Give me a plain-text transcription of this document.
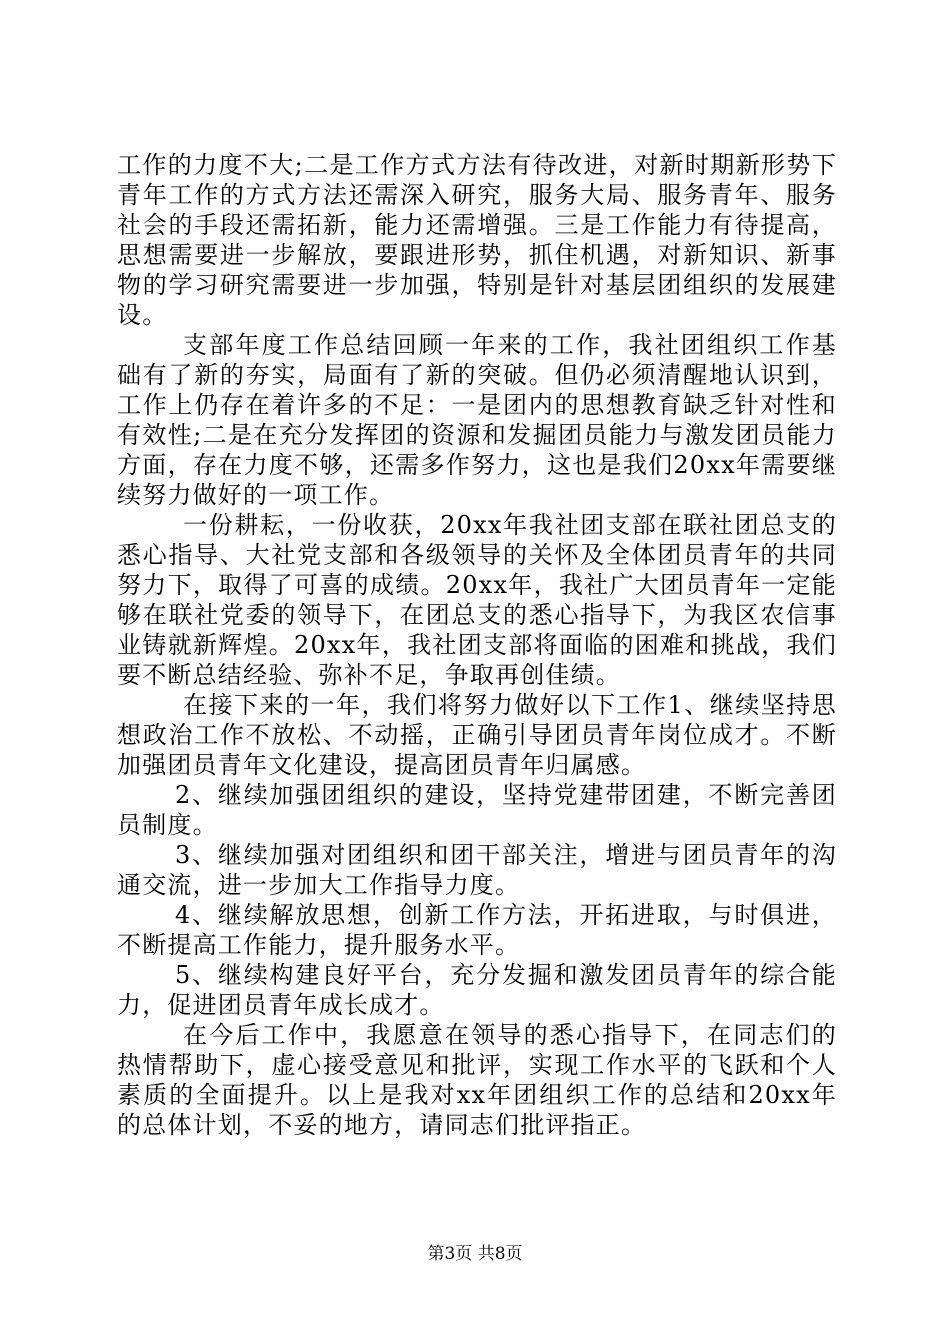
工作的力度不大;二是工作方式方法有待改进，对新时期新形势下青年工作的方式方法还需深入研究，服务大局、服务青年、服务社会的手段还需拓新，能力还需增强。三是工作能力有待提高，思想需要进一步解放，要跟进形势，抓住机遇，对新知识、新事物的学习研究需要进一步加强，特别是针对基层团组织的发展建设。

支部年度工作总结回顾一年来的工作，我社团组织工作基础有了新的夯实，局面有了新的突破。但仍必须清醒地认识到，工作上仍存在着许多的不足：一是团内的思想教育缺乏针对性和有效性;二是在充分发挥团的资源和发掘团员能力与激发团员能力方面，存在力度不够，还需多作努力，这也是我们20xx年需要继续努力做好的一项工作。

一份耕耘，一份收获，20xx年我社团支部在联社团总支的悉心指导、大社党支部和各级领导的关怀及全体团员青年的共同努力下，取得了可喜的成绩。20xx年，我社广大团员青年一定能够在联社党委的领导下，在团总支的悉心指导下，为我区农信事业铸就新辉煌。20xx年，我社团支部将面临的困难和挑战，我们要不断总结经验、弥补不足，争取再创佳绩。

在接下来的一年，我们将努力做好以下工作1、继续坚持思想政治工作不放松、不动摇，正确引导团员青年岗位成才。不断加强团员青年文化建设，提高团员青年归属感。

2、继续加强团组织的建设，坚持党建带团建，不断完善团员制度。

3、继续加强对团组织和团干部关注，增进与团员青年的沟通交流，进一步加大工作指导力度。

4、继续解放思想，创新工作方法，开拓进取，与时俱进，不断提高工作能力，提升服务水平。

5、继续构建良好平台，充分发掘和激发团员青年的综合能力，促进团员青年成长成才。

在今后工作中，我愿意在领导的悉心指导下，在同志们的热情帮助下，虚心接受意见和批评，实现工作水平的飞跃和个人素质的全面提升。以上是我对xx年团组织工作的总结和20xx年的总体计划，不妥的地方，请同志们批评指正。

第3页 共8页
